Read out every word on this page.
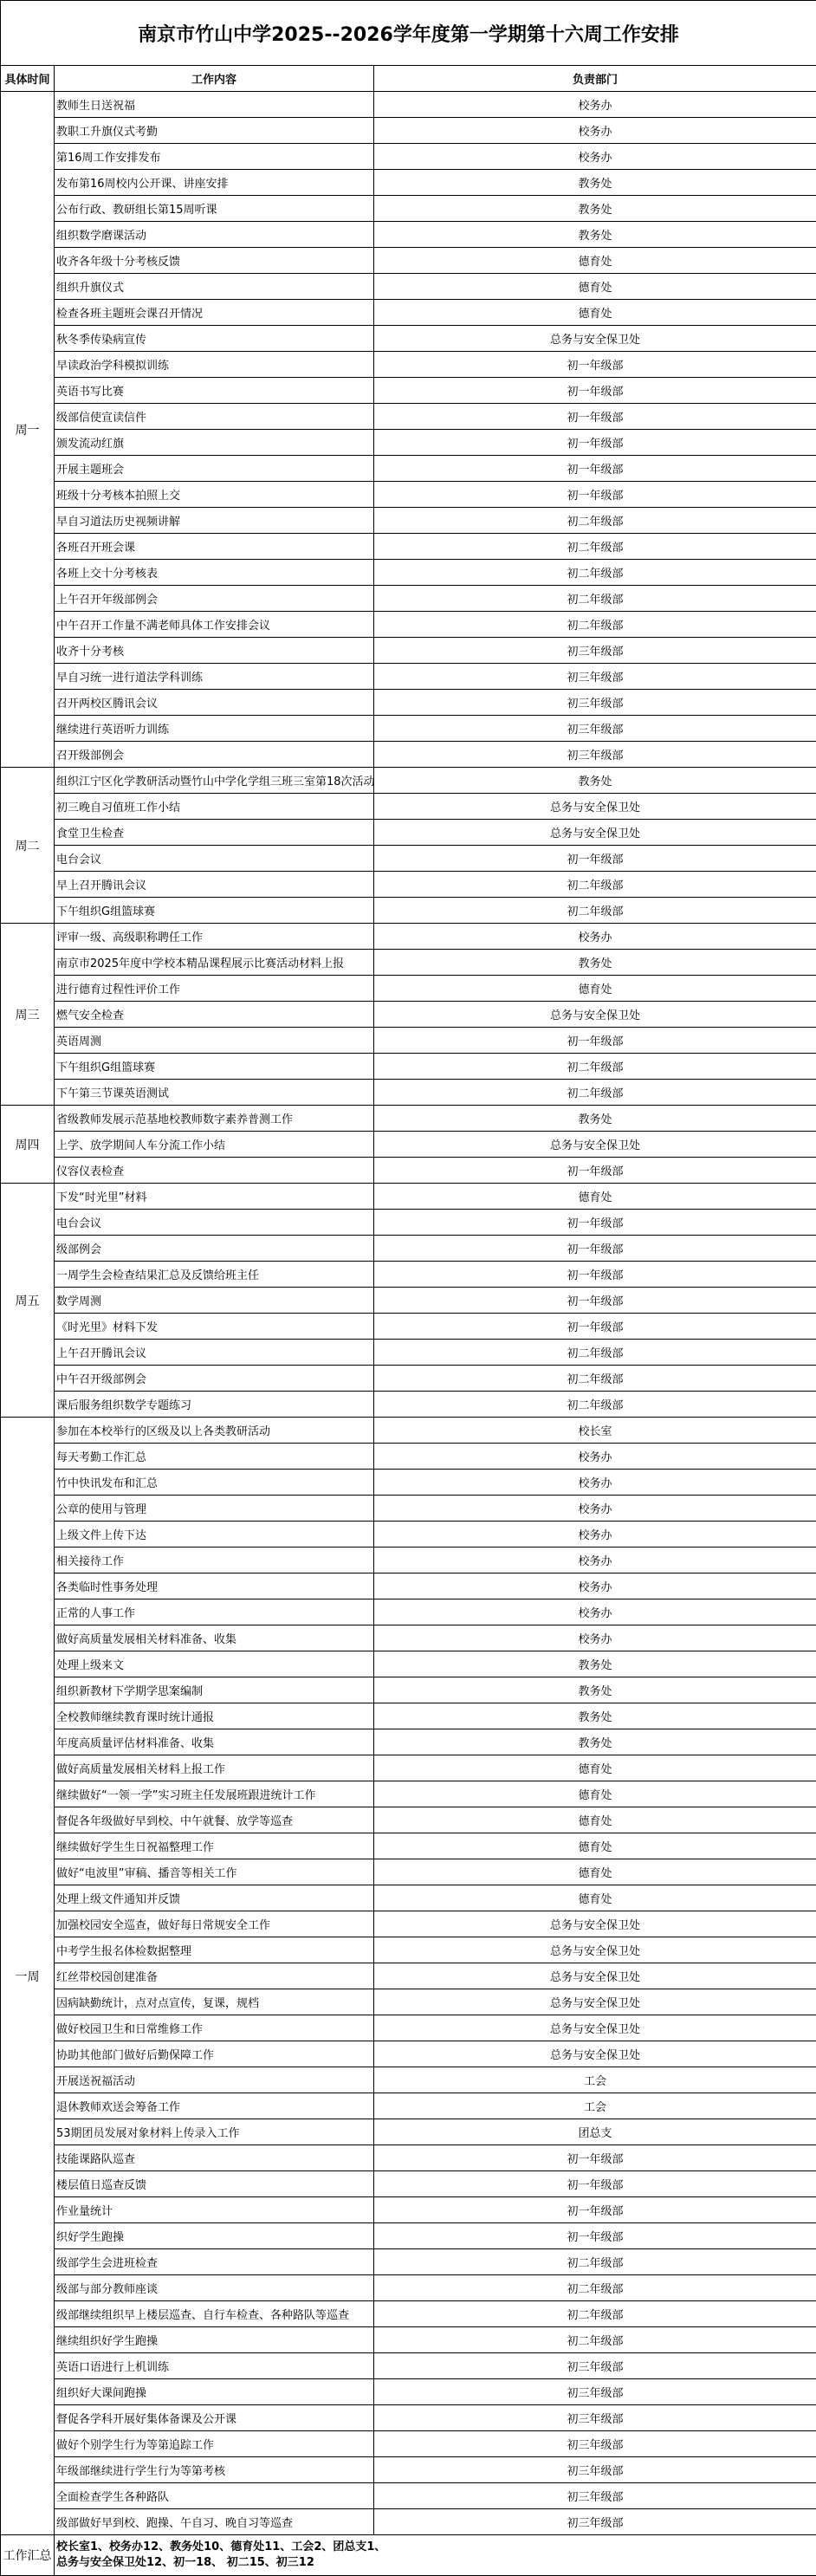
南京市竹山中学2025--2026学年度第一学期第十六周工作安排		
具体时间	工作内容	负责部门
周一	教师生日送祝福	校务办
	教职工升旗仪式考勤	校务办
	第16周工作安排发布	校务办
	发布第16周校内公开课、讲座安排	教务处
	公布行政、教研组长第15周听课	教务处
	组织数学磨课活动	教务处
	收齐各年级十分考核反馈	德育处
	组织升旗仪式	德育处
	检查各班主题班会课召开情况	德育处
	秋冬季传染病宣传	总务与安全保卫处
	早读政治学科模拟训练	初一年级部
	英语书写比赛	初一年级部
	级部信使宣读信件	初一年级部
	颁发流动红旗	初一年级部
	开展主题班会	初一年级部
	班级十分考核本拍照上交	初一年级部
	早自习道法历史视频讲解	初二年级部
	各班召开班会课	初二年级部
	各班上交十分考核表	初二年级部
	上午召开年级部例会	初二年级部
	中午召开工作量不满老师具体工作安排会议	初二年级部
	收齐十分考核	初三年级部
	早自习统一进行道法学科训练	初三年级部
	召开两校区腾讯会议	初三年级部
	继续进行英语听力训练	初三年级部
	召开级部例会	初三年级部
周二	组织江宁区化学教研活动暨竹山中学化学组三班三室第18次活动	教务处
	初三晚自习值班工作小结	总务与安全保卫处
	食堂卫生检查	总务与安全保卫处
	电台会议	初一年级部
	早上召开腾讯会议	初二年级部
	下午组织G组篮球赛	初二年级部
周三	评审一级、高级职称聘任工作	校务办
	南京市2025年度中学校本精品课程展示比赛活动材料上报	教务处
	进行德育过程性评价工作	德育处
	燃气安全检查	总务与安全保卫处
	英语周测	初一年级部
	下午组织G组篮球赛	初二年级部
	下午第三节课英语测试	初二年级部
周四	省级教师发展示范基地校教师数字素养普测工作	教务处
	上学、放学期间人车分流工作小结	总务与安全保卫处
	仪容仪表检查	初一年级部
周五	下发“时光里”材料	德育处
	电台会议	初一年级部
	级部例会	初一年级部
	一周学生会检查结果汇总及反馈给班主任	初一年级部
	数学周测	初一年级部
	《时光里》材料下发	初一年级部
	上午召开腾讯会议	初二年级部
	中午召开级部例会	初二年级部
	课后服务组织数学专题练习	初二年级部
一周	参加在本校举行的区级及以上各类教研活动	校长室
	每天考勤工作汇总	校务办
	竹中快讯发布和汇总	校务办
	公章的使用与管理	校务办
	上级文件上传下达	校务办
	相关接待工作	校务办
	各类临时性事务处理	校务办
	正常的人事工作	校务办
	做好高质量发展相关材料准备、收集	校务办
	处理上级来文	教务处
	组织新教材下学期学思案编制	教务处
	全校教师继续教育课时统计通报	教务处
	年度高质量评估材料准备、收集	教务处
	做好高质量发展相关材料上报工作	德育处
	继续做好“一领一学”实习班主任发展班跟进统计工作	德育处
	督促各年级做好早到校、中午就餐、放学等巡查	德育处
	继续做好学生生日祝福整理工作	德育处
	做好“电波里”审稿、播音等相关工作	德育处
	处理上级文件通知并反馈	德育处
	加强校园安全巡查，做好每日常规安全工作	总务与安全保卫处
	中考学生报名体检数据整理	总务与安全保卫处
	红丝带校园创建准备	总务与安全保卫处
	因病缺勤统计，点对点宣传，复课，规档	总务与安全保卫处
	做好校园卫生和日常维修工作	总务与安全保卫处
	协助其他部门做好后勤保障工作	总务与安全保卫处
	开展送祝福活动	工会
	退休教师欢送会筹备工作	工会
	53期团员发展对象材料上传录入工作	团总支
	技能课路队巡查	初一年级部
	楼层值日巡查反馈	初一年级部
	作业量统计	初一年级部
	织好学生跑操	初一年级部
	级部学生会进班检查	初二年级部
	级部与部分教师座谈	初二年级部
	级部继续组织早上楼层巡查、自行车检查、各种路队等巡查	初二年级部
	继续组织好学生跑操	初二年级部
	英语口语进行上机训练	初三年级部
	组织好大课间跑操	初三年级部
	督促各学科开展好集体备课及公开课	初三年级部
	做好个别学生行为等第追踪工作	初三年级部
	年级部继续进行学生行为等第考核	初三年级部
	全面检查学生各种路队	初三年级部
	级部做好早到校、跑操、午自习、晚自习等巡查	初三年级部
工作汇总	校长室1、校务办12、教务处10、德育处11、工会2、团总支1、
总务与安全保卫处12、初一18、 初二15、初三12	
